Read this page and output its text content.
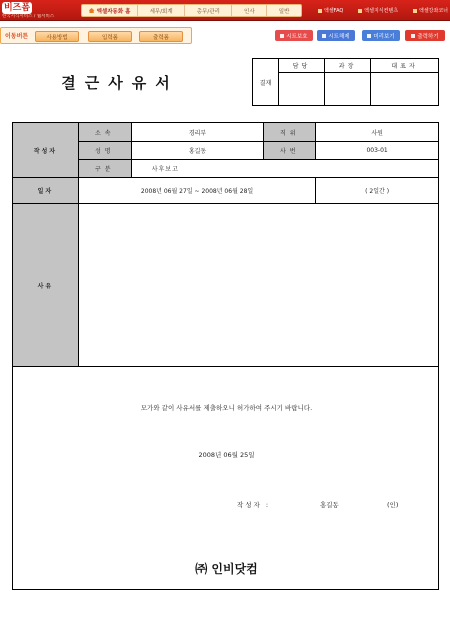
비즈폼
한국서식서비스 / 웹서비스
엑셀자동화 홈	세무/회계	총무/관리	인사	일반	엑셀FAQ	엑셀지식컨텐츠	엑셀강좌코너
이동버튼	사용방법	입력폼	출력폼	시트보호	시트해제	미리보기	출력하기
결근사유서	결재	담당	과장	대표자

작성자	소속	경리부	직위	사원
	성명	홍길동	사번	003-01
	구분	사후보고		
일자	2008년 06월 27일 ~ 2008년 06월 28일			( 2일간 )
사유				
모가와 같이 사유서를 제출하오니 허가하여 주시기 바랍니다.
2008년 06월 25일
작성자 :	홍길동	(인)
㈜ 인비닷컴
